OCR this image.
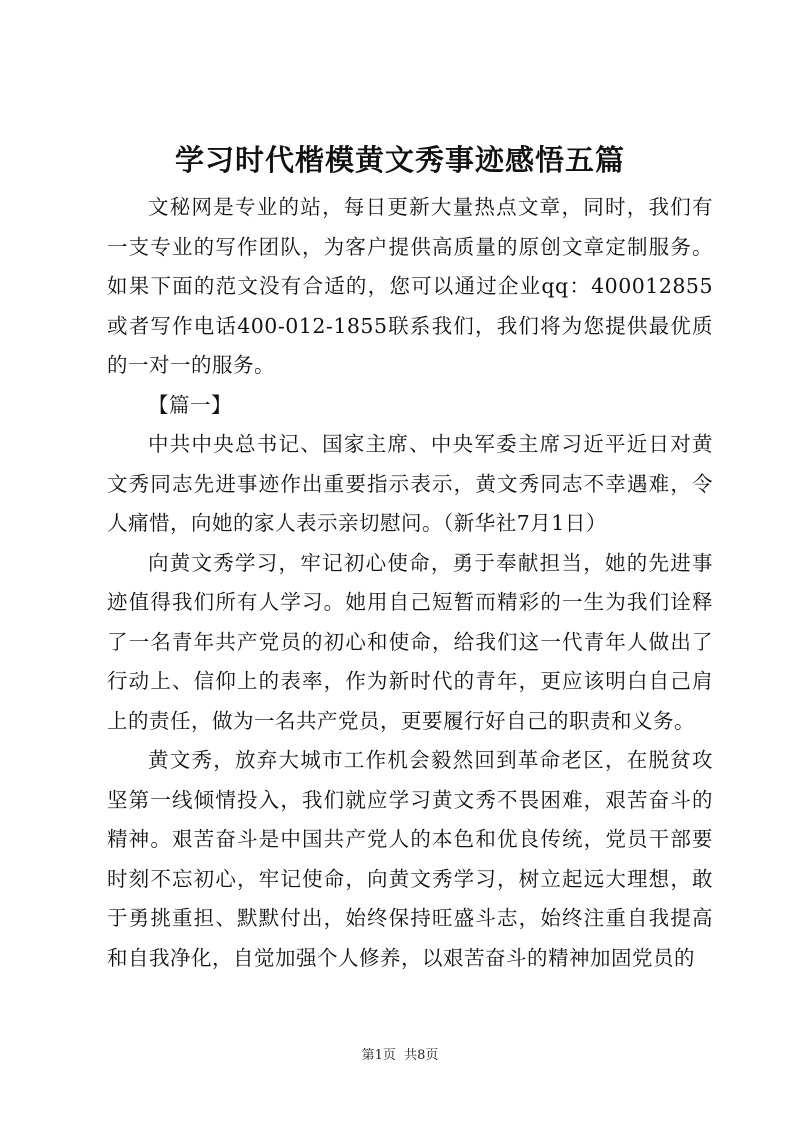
学习时代楷模黄文秀事迹感悟五篇

文秘网是专业的站，每日更新大量热点文章，同时，我们有一支专业的写作团队，为客户提供高质量的原创文章定制服务。如果下面的范文没有合适的，您可以通过企业qq：400012855或者写作电话400-012-1855联系我们，我们将为您提供最优质的一对一的服务。

【篇一】

中共中央总书记、国家主席、中央军委主席习近平近日对黄文秀同志先进事迹作出重要指示表示，黄文秀同志不幸遇难，令人痛惜，向她的家人表示亲切慰问。（新华社7月1日）

向黄文秀学习，牢记初心使命，勇于奉献担当，她的先进事迹值得我们所有人学习。她用自己短暂而精彩的一生为我们诠释了一名青年共产党员的初心和使命，给我们这一代青年人做出了行动上、信仰上的表率，作为新时代的青年，更应该明白自己肩上的责任，做为一名共产党员，更要履行好自己的职责和义务。

黄文秀，放弃大城市工作机会毅然回到革命老区，在脱贫攻坚第一线倾情投入，我们就应学习黄文秀不畏困难，艰苦奋斗的精神。艰苦奋斗是中国共产党人的本色和优良传统，党员干部要时刻不忘初心，牢记使命，向黄文秀学习，树立起远大理想，敢于勇挑重担、默默付出，始终保持旺盛斗志，始终注重自我提高和自我净化，自觉加强个人修养，以艰苦奋斗的精神加固党员的

第1页 共8页
